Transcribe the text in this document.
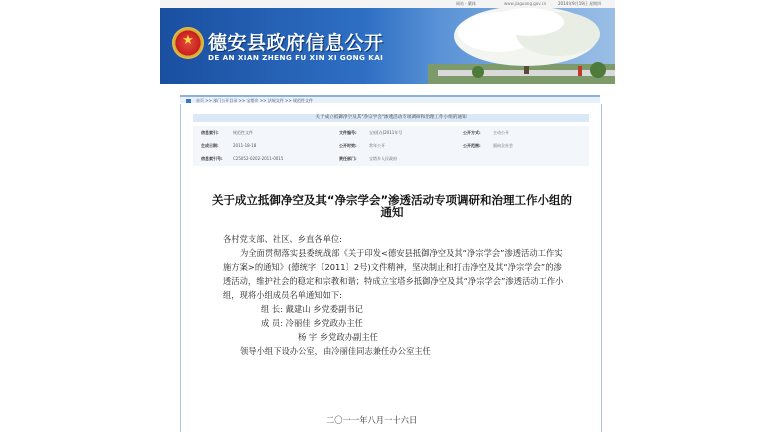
网站 · 繁体	www.jiaguang.gov.cn	2014年9月19日 星期四
★ 德安县政府信息公开
DE AN XIAN ZHENG FU XIN XI GONG KAI
首页 >> 部门公开目录 >> 宝塔乡 >> 法规文件 >> 规范性文件
关于成立抵御净空及其"净宗学会"渗透活动专项调研和治理工作小组的通知
信息索引:	规范性文件	文件编号:	宝府[办]2011年号	公开方式:	主动公开
生成日期:	2011-18-18	公开时效:	常年公开	公开范围:	面向全社会
信息索引号:	C25052-0202-2011-0015	责任部门:	宝塔乡人民政府
关于成立抵御净空及其“净宗学会”渗透活动专项调研和治理工作小组的通知

各村党支部、社区、乡直各单位:

为全面贯彻落实县委统战部《关于印发<德安县抵御净空及其“净宗学会”渗透活动工作实施方案>的通知》(德统字〔2011〕2号)文件精神，坚决制止和打击净空及其“净宗学会”的渗透活动，维护社会的稳定和宗教和谐；特成立宝塔乡抵御净空及其“净宗学会”渗透活动工作小组，现将小组成员名单通知如下:

组 长: 戴建山 乡党委副书记

成 员: 冷丽佳 乡党政办主任

杨 宇 乡党政办副主任

领导小组下设办公室，由冷丽佳同志兼任办公室主任

二〇一一年八月一十六日
